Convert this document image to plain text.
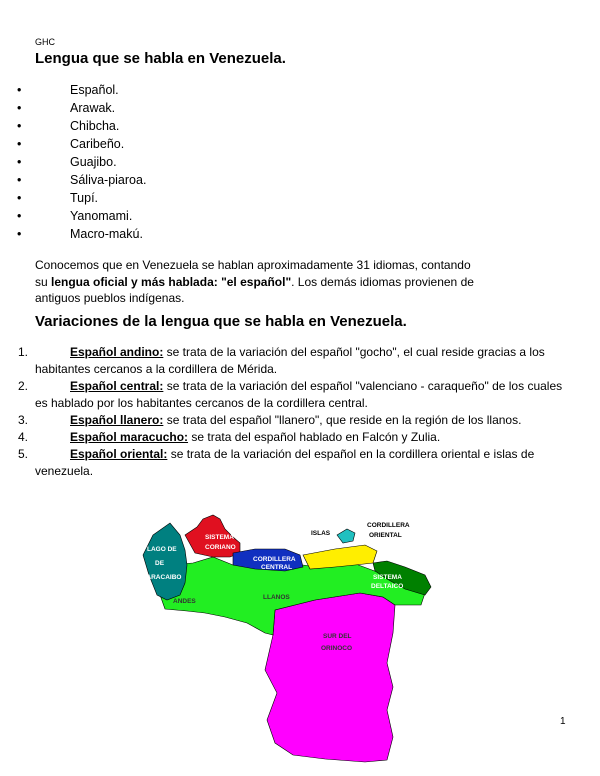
GHC
Lengua que se habla en Venezuela.
•	Español.
•	Arawak.
•	Chibcha.
•	Caribeño.
•	Guajibo.
•	Sáliva-piaroa.
•	Tupí.
•	Yanomami.
•	Macro-makú.
Conocemos que en Venezuela se hablan aproximadamente 31 idiomas, contando
su lengua oficial y más hablada: "el español". Los demás idiomas provienen de
antiguos pueblos indígenas.
Variaciones de la lengua que se habla en Venezuela.
1.	Español andino: se trata de la variación del español "gocho", el cual reside gracias a los habitantes cercanos a la cordillera de Mérida.
2.	Español central: se trata de la variación del español "valenciano - caraqueño" de los cuales es hablado por los habitantes cercanos de la cordillera central.
3.	Español llanero: se trata del español "llanero", que reside en la región de los llanos.
4.	Español maracucho: se trata del español hablado en Falcón y Zulia.
5.	Español oriental: se trata de la variación del español en la cordillera oriental e islas de venezuela.
LAGO DE
DE
MARACAIBO
SISTEMA
CORIANO
CORDILLERA
CENTRAL
ISLAS
CORDILLERA
ORIENTAL
SISTEMA
DELTAICO
ANDES
LLANOS
SUR DEL
ORINOCO
1
